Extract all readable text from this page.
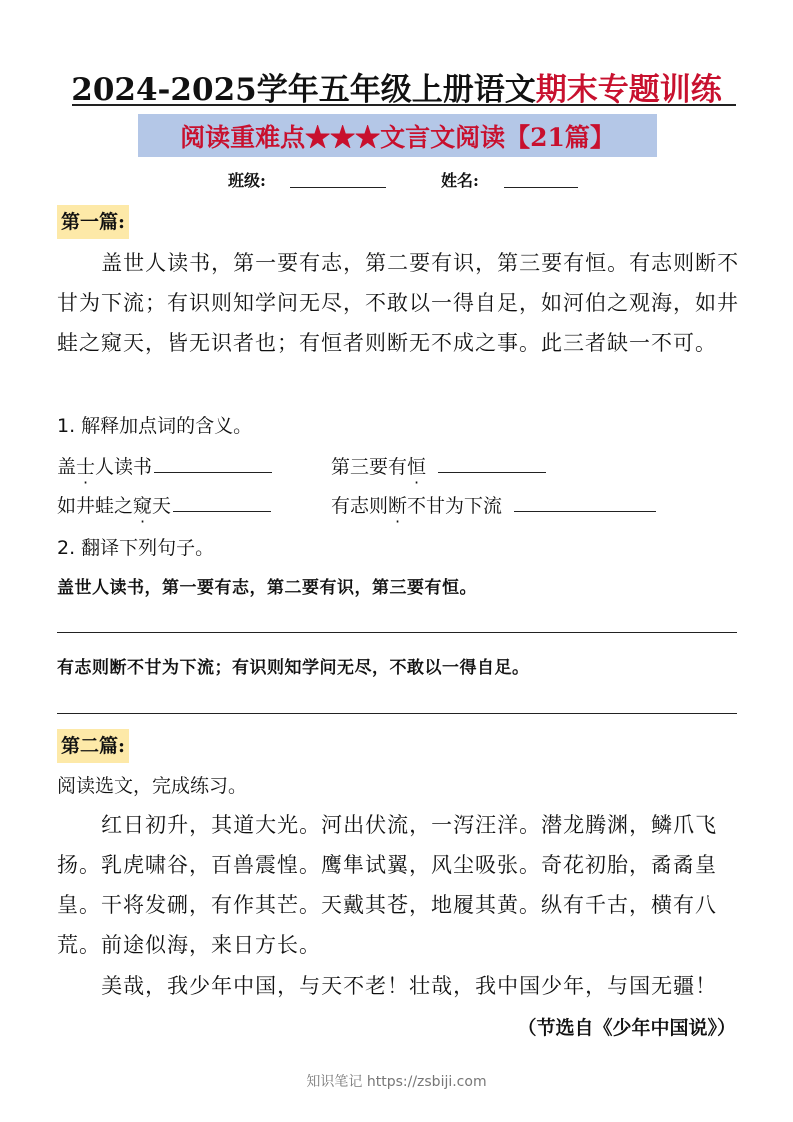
2024-2025学年五年级上册语文期末专题训练
阅读重难点★★★文言文阅读【21篇】
班级:	姓名:
第一篇:
盖世人读书，第一要有志，第二要有识，第三要有恒。有志则断不甘为下流；有识则知学问无尽，不敢以一得自足，如河伯之观海，如井蛙之窥天，皆无识者也；有恒者则断无不成之事。此三者缺一不可。
1. 解释加点词的含义。
盖士人读书	第三要有恒
如井蛙之窥天	有志则断不甘为下流
2. 翻译下列句子。
盖世人读书，第一要有志，第二要有识，第三要有恒。
有志则断不甘为下流；有识则知学问无尽，不敢以一得自足。
第二篇:
阅读选文，完成练习。
红日初升，其道大光。河出伏流，一泻汪洋。潜龙腾渊，鳞爪飞扬。乳虎啸谷，百兽震惶。鹰隼试翼，风尘吸张。奇花初胎，矞矞皇皇。干将发硎，有作其芒。天戴其苍，地履其黄。纵有千古，横有八荒。前途似海，来日方长。
美哉，我少年中国，与天不老！壮哉，我中国少年，与国无疆！
（节选自《少年中国说》）
知识笔记 https://zsbiji.com
